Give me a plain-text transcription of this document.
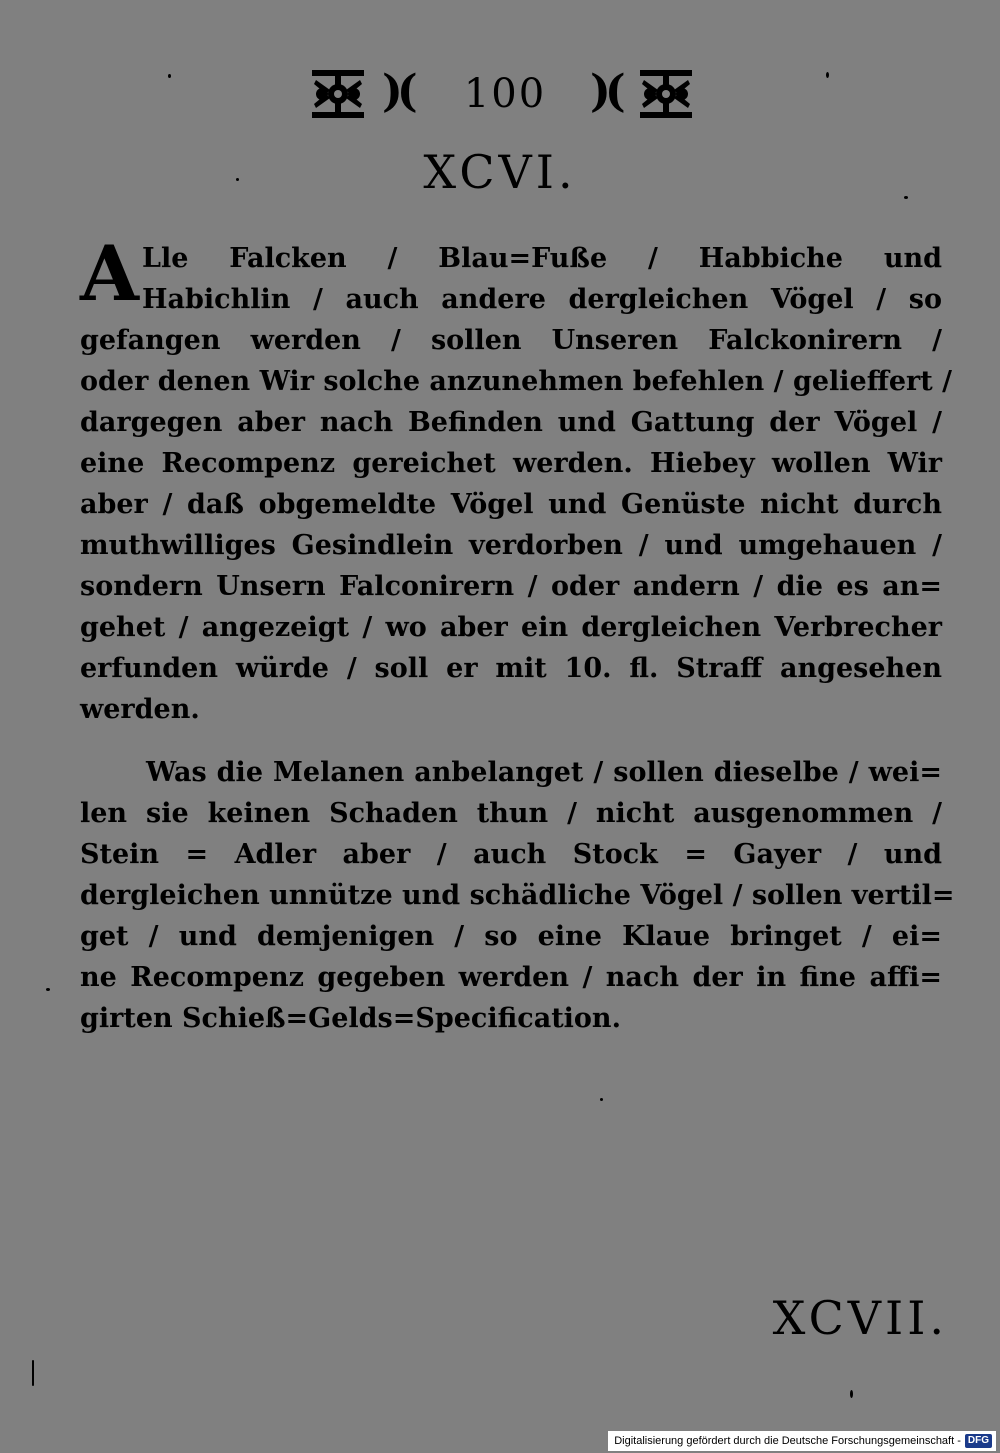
)(	100 )(
XCVI.
A Lle Falcken / Blau=Fuße / Habbiche und
Habichlin / auch andere dergleichen Vögel / so
gefangen werden / sollen Unseren Falckonirern /
oder denen Wir solche anzunehmen befehlen / gelieffert /
dargegen aber nach Befinden und Gattung der Vögel /
eine Recompenz gereichet werden. Hiebey wollen Wir
aber / daß obgemeldte Vögel und Genüste nicht durch
muthwilliges Gesindlein verdorben / und umgehauen /
sondern Unsern Falconirern / oder andern / die es an=
gehet / angezeigt / wo aber ein dergleichen Verbrecher
erfunden würde / soll er mit 10. fl. Straff angesehen
werden.
Was die Melanen anbelanget / sollen dieselbe / wei=
len sie keinen Schaden thun / nicht ausgenommen /
Stein = Adler aber / auch Stock = Gayer / und
dergleichen unnütze und schädliche Vögel / sollen vertil=
get / und demjenigen / so eine Klaue bringet / ei=
ne Recompenz gegeben werden / nach der in fine affi=
girten Schieß=Gelds=Specification.
XCVII.
Digitalisierung gefördert durch die Deutsche Forschungsgemeinschaft - DFG
